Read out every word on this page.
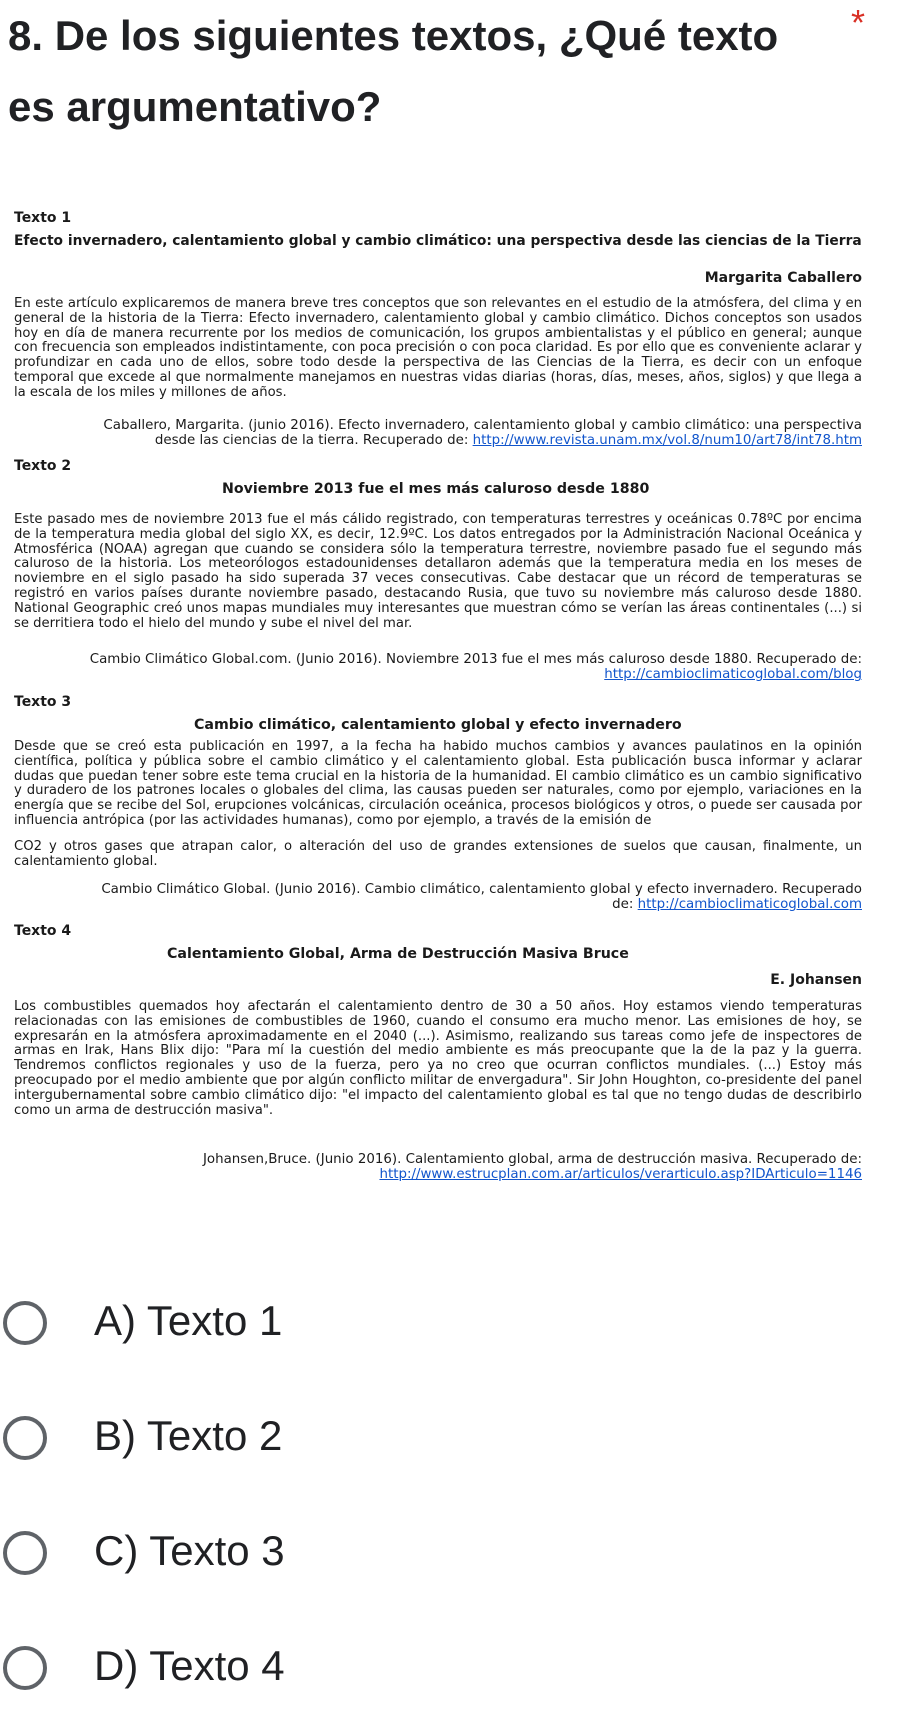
8. De los siguientes textos, ¿Qué texto es argumentativo?
*
Texto 1
Efecto invernadero, calentamiento global y cambio climático: una perspectiva desde las ciencias de la Tierra
Margarita Caballero

En este artículo explicaremos de manera breve tres conceptos que son relevantes en el estudio de la atmósfera, del clima y en general de la historia de la Tierra: Efecto invernadero, calentamiento global y cambio climático. Dichos conceptos son usados hoy en día de manera recurrente por los medios de comunicación, los grupos ambientalistas y el público en general; aunque con frecuencia son empleados indistintamente, con poca precisión o con poca claridad. Es por ello que es conveniente aclarar y profundizar en cada uno de ellos, sobre todo desde la perspectiva de las Ciencias de la Tierra, es decir con un enfoque temporal que excede al que normalmente manejamos en nuestras vidas diarias (horas, días, meses, años, siglos) y que llega a la escala de los miles y millones de años.

Caballero, Margarita. (junio 2016). Efecto invernadero, calentamiento global y cambio climático: una perspectiva desde las ciencias de la tierra. Recuperado de: http://www.revista.unam.mx/vol.8/num10/art78/int78.htm

Texto 2
Noviembre 2013 fue el mes más caluroso desde 1880

Este pasado mes de noviembre 2013 fue el más cálido registrado, con temperaturas terrestres y oceánicas 0.78ºC por encima de la temperatura media global del siglo XX, es decir, 12.9ºC. Los datos entregados por la Administración Nacional Oceánica y Atmosférica (NOAA) agregan que cuando se considera sólo la temperatura terrestre, noviembre pasado fue el segundo más caluroso de la historia. Los meteorólogos estadounidenses detallaron además que la temperatura media en los meses de noviembre en el siglo pasado ha sido superada 37 veces consecutivas. Cabe destacar que un récord de temperaturas se registró en varios países durante noviembre pasado, destacando Rusia, que tuvo su noviembre más caluroso desde 1880. National Geographic creó unos mapas mundiales muy interesantes que muestran cómo se verían las áreas continentales (...) si se derritiera todo el hielo del mundo y sube el nivel del mar.

Cambio Climático Global.com. (Junio 2016). Noviembre 2013 fue el mes más caluroso desde 1880. Recuperado de: http://cambioclimaticoglobal.com/blog

Texto 3
Cambio climático, calentamiento global y efecto invernadero

Desde que se creó esta publicación en 1997, a la fecha ha habido muchos cambios y avances paulatinos en la opinión científica, política y pública sobre el cambio climático y el calentamiento global. Esta publicación busca informar y aclarar dudas que puedan tener sobre este tema crucial en la historia de la humanidad. El cambio climático es un cambio significativo y duradero de los patrones locales o globales del clima, las causas pueden ser naturales, como por ejemplo, variaciones en la energía que se recibe del Sol, erupciones volcánicas, circulación oceánica, procesos biológicos y otros, o puede ser causada por influencia antrópica (por las actividades humanas), como por ejemplo, a través de la emisión de

CO2 y otros gases que atrapan calor, o alteración del uso de grandes extensiones de suelos que causan, finalmente, un calentamiento global.

Cambio Climático Global. (Junio 2016). Cambio climático, calentamiento global y efecto invernadero. Recuperado de: http://cambioclimaticoglobal.com

Texto 4
Calentamiento Global, Arma de Destrucción Masiva Bruce
E. Johansen

Los combustibles quemados hoy afectarán el calentamiento dentro de 30 a 50 años. Hoy estamos viendo temperaturas relacionadas con las emisiones de combustibles de 1960, cuando el consumo era mucho menor. Las emisiones de hoy, se expresarán en la atmósfera aproximadamente en el 2040 (...). Asimismo, realizando sus tareas como jefe de inspectores de armas en Irak, Hans Blix dijo: "Para mí la cuestión del medio ambiente es más preocupante que la de la paz y la guerra. Tendremos conflictos regionales y uso de la fuerza, pero ya no creo que ocurran conflictos mundiales. (...) Estoy más preocupado por el medio ambiente que por algún conflicto militar de envergadura". Sir John Houghton, co-presidente del panel intergubernamental sobre cambio climático dijo: "el impacto del calentamiento global es tal que no tengo dudas de describirlo como un arma de destrucción masiva".

Johansen,Bruce. (Junio 2016). Calentamiento global, arma de destrucción masiva. Recuperado de: http://www.estrucplan.com.ar/articulos/verarticulo.asp?IDArticulo=1146

A) Texto 1
B) Texto 2
C) Texto 3
D) Texto 4
